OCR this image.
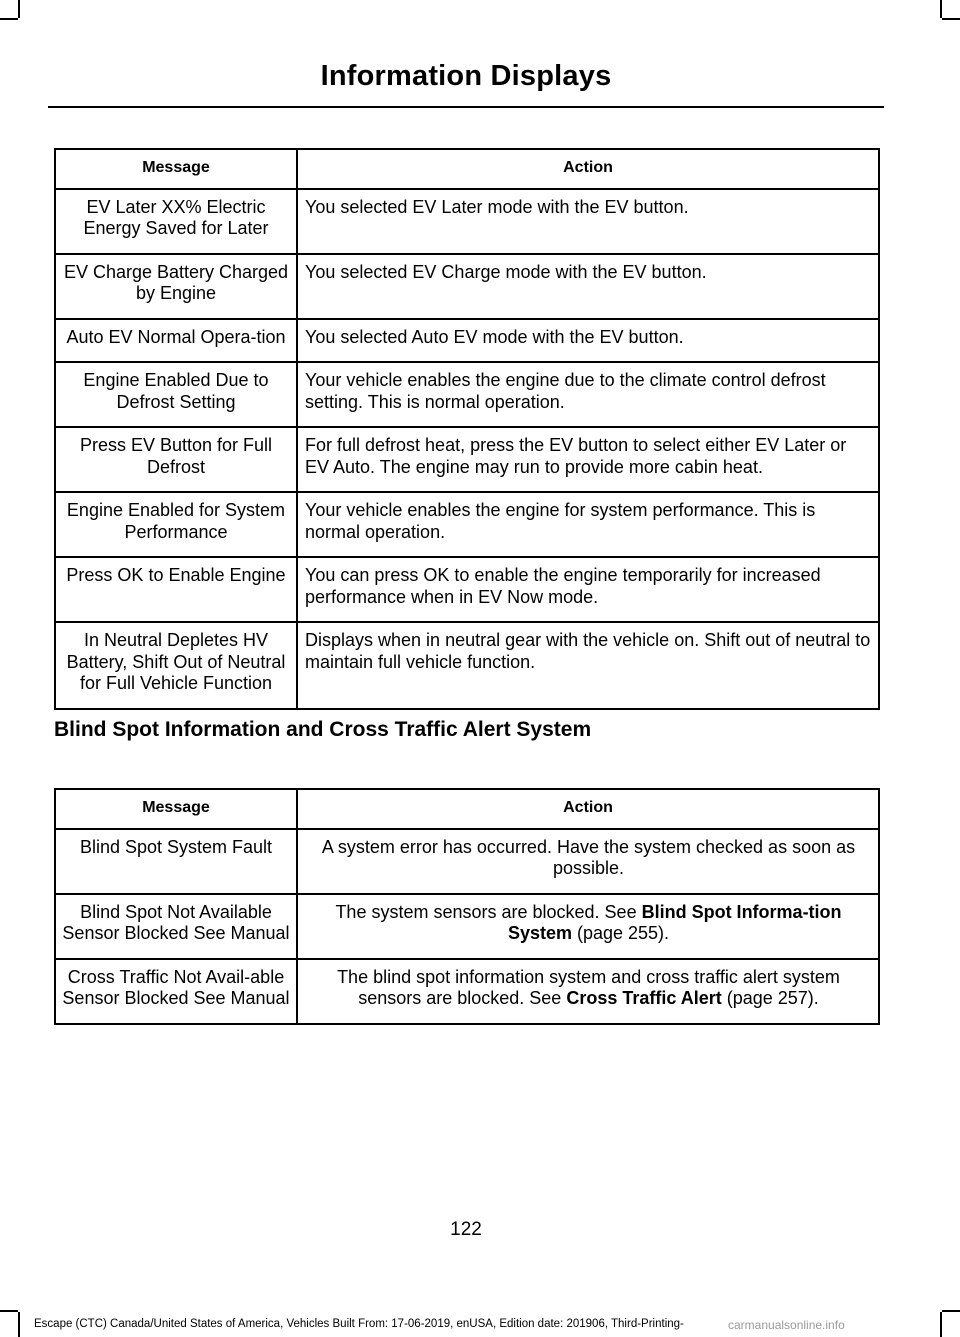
Information Displays
Message	Action
EV Later XX% Electric Energy Saved for Later	You selected EV Later mode with the EV button.
EV Charge Battery Charged by Engine	You selected EV Charge mode with the EV button.
Auto EV Normal Opera-tion	You selected Auto EV mode with the EV button.
Engine Enabled Due to Defrost Setting	Your vehicle enables the engine due to the climate control defrost setting. This is normal operation.
Press EV Button for Full Defrost	For full defrost heat, press the EV button to select either EV Later or EV Auto. The engine may run to provide more cabin heat.
Engine Enabled for System Performance	Your vehicle enables the engine for system performance. This is normal operation.
Press OK to Enable Engine	You can press OK to enable the engine temporarily for increased performance when in EV Now mode.
In Neutral Depletes HV Battery, Shift Out of Neutral for Full Vehicle Function	Displays when in neutral gear with the vehicle on. Shift out of neutral to maintain full vehicle function.
Blind Spot Information and Cross Traffic Alert System
Message	Action
Blind Spot System Fault	A system error has occurred. Have the system checked as soon as possible.
Blind Spot Not Available Sensor Blocked See Manual	The system sensors are blocked. See Blind Spot Informa-tion System (page 255).
Cross Traffic Not Avail-able Sensor Blocked See Manual	The blind spot information system and cross traffic alert system sensors are blocked. See Cross Traffic Alert (page 257).
122
Escape (CTC) Canada/United States of America, Vehicles Built From: 17-06-2019, enUSA, Edition date: 201906, Third-Printing-	carmanualsonline.info
